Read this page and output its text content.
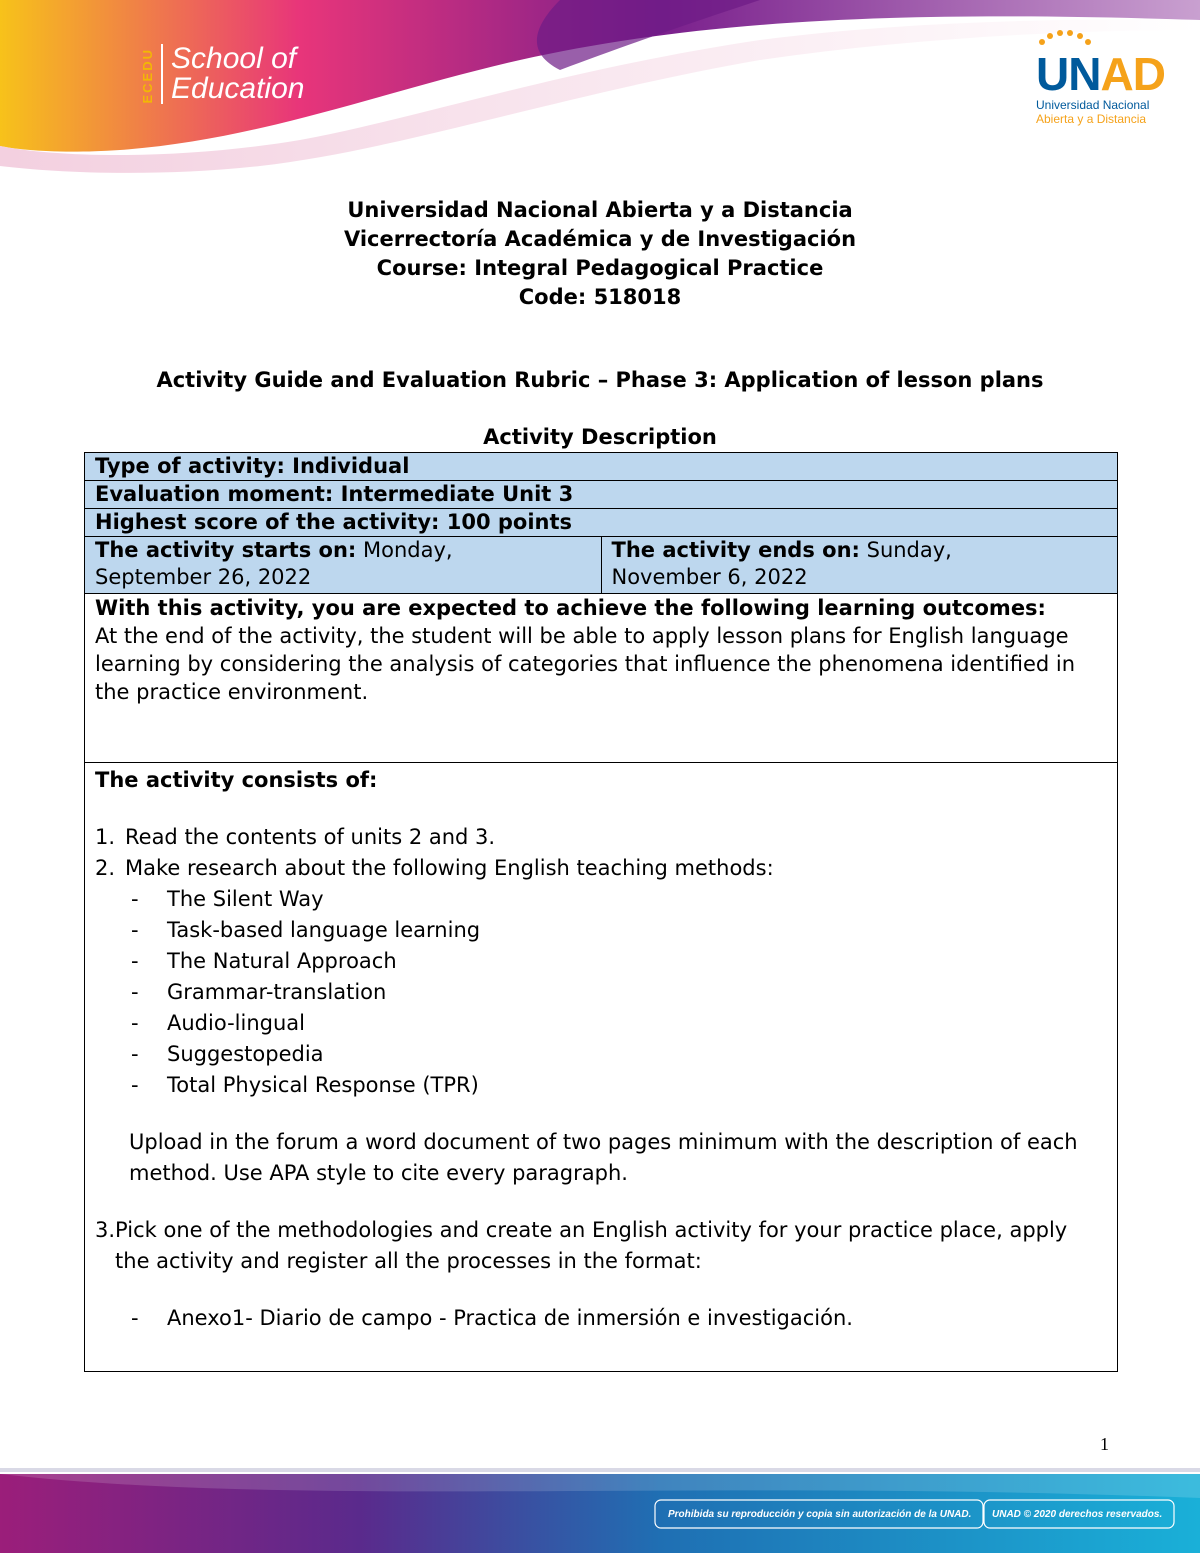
ECEDU School of
Education	UNAD
Universidad Nacional
Abierta y a Distancia
Universidad Nacional Abierta y a Distancia
Vicerrectoría Académica y de Investigación
Course: Integral Pedagogical Practice
Code: 518018
Activity Guide and Evaluation Rubric – Phase 3: Application of lesson plans
Activity Description
Type of activity: Individual
Evaluation moment: Intermediate Unit 3
Highest score of the activity: 100 points
The activity starts on: Monday,
September 26, 2022	The activity ends on: Sunday,
November 6, 2022

With this activity, you are expected to achieve the following learning outcomes:
At the end of the activity, the student will be able to apply lesson plans for English language learning by considering the analysis of categories that influence the phenomena identified in the practice environment.

The activity consists of:
1. Read the contents of units 2 and 3.
2. Make research about the following English teaching methods:
-	The Silent Way
-	Task-based language learning
-	The Natural Approach
-	Grammar-translation
-	Audio-lingual
-	Suggestopedia
-	Total Physical Response (TPR)
Upload in the forum a word document of two pages minimum with the description of each method. Use APA style to cite every paragraph.
3. Pick one of the methodologies and create an English activity for your practice place, apply the activity and register all the processes in the format:
-	Anexo1- Diario de campo - Practica de inmersión e investigación.
1
Prohibida su reproducción y copia sin autorización de la UNAD. UNAD © 2020 derechos reservados.
